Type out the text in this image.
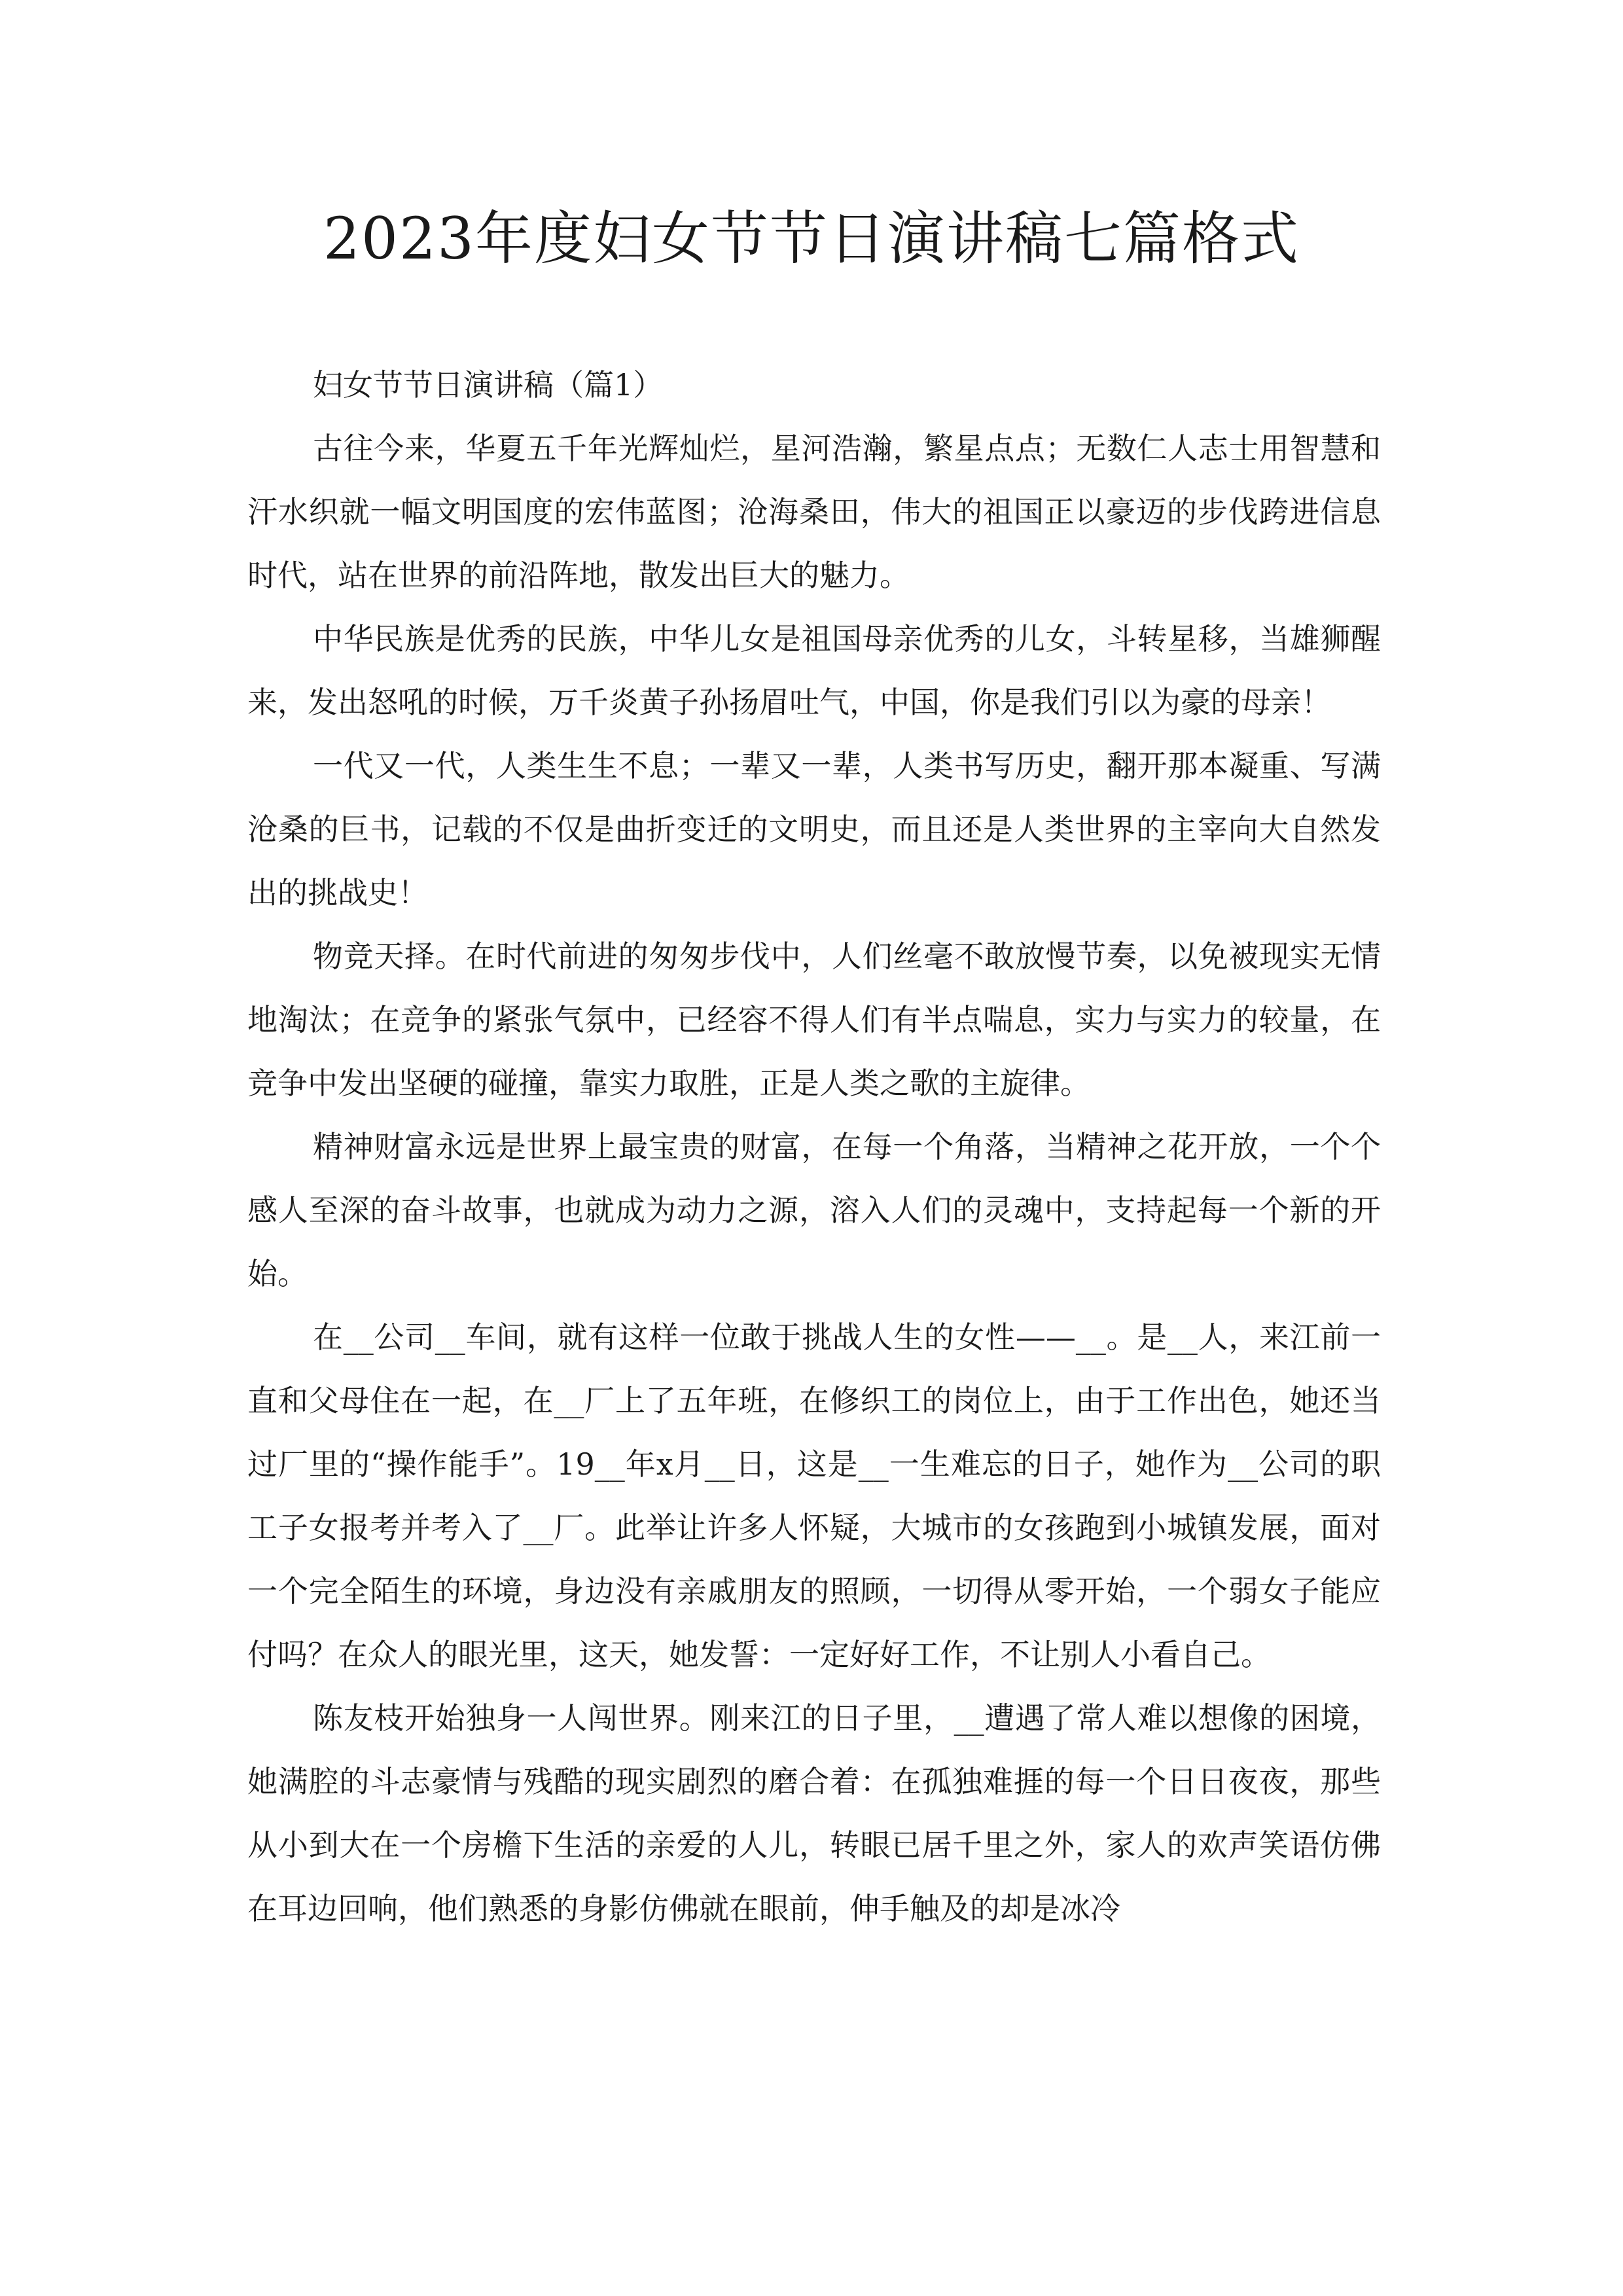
2023年度妇女节节日演讲稿七篇格式

妇女节节日演讲稿（篇1）

古往今来，华夏五千年光辉灿烂，星河浩瀚，繁星点点；无数仁人志士用智慧和汗水织就一幅文明国度的宏伟蓝图；沧海桑田，伟大的祖国正以豪迈的步伐跨进信息时代，站在世界的前沿阵地，散发出巨大的魅力。

中华民族是优秀的民族，中华儿女是祖国母亲优秀的儿女，斗转星移，当雄狮醒来，发出怒吼的时候，万千炎黄子孙扬眉吐气，中国，你是我们引以为豪的母亲！

一代又一代，人类生生不息；一辈又一辈，人类书写历史，翻开那本凝重、写满沧桑的巨书，记载的不仅是曲折变迁的文明史，而且还是人类世界的主宰向大自然发出的挑战史！

物竞天择。在时代前进的匆匆步伐中，人们丝毫不敢放慢节奏，以免被现实无情地淘汰；在竞争的紧张气氛中，已经容不得人们有半点喘息，实力与实力的较量，在竞争中发出坚硬的碰撞，靠实力取胜，正是人类之歌的主旋律。

精神财富永远是世界上最宝贵的财富，在每一个角落，当精神之花开放，一个个感人至深的奋斗故事，也就成为动力之源，溶入人们的灵魂中，支持起每一个新的开始。

在__公司__车间，就有这样一位敢于挑战人生的女性——__。是__人，来江前一直和父母住在一起，在__厂上了五年班，在修织工的岗位上，由于工作出色，她还当过厂里的“操作能手”。19__年x月__日，这是__一生难忘的日子，她作为__公司的职工子女报考并考入了__厂。此举让许多人怀疑，大城市的女孩跑到小城镇发展，面对一个完全陌生的环境，身边没有亲戚朋友的照顾，一切得从零开始，一个弱女子能应付吗？在众人的眼光里，这天，她发誓：一定好好工作，不让别人小看自己。

陈友枝开始独身一人闯世界。刚来江的日子里，__遭遇了常人难以想像的困境，她满腔的斗志豪情与残酷的现实剧烈的磨合着：在孤独难捱的每一个日日夜夜，那些从小到大在一个房檐下生活的亲爱的人儿，转眼已居千里之外，家人的欢声笑语仿佛在耳边回响，他们熟悉的身影仿佛就在眼前，伸手触及的却是冰冷
